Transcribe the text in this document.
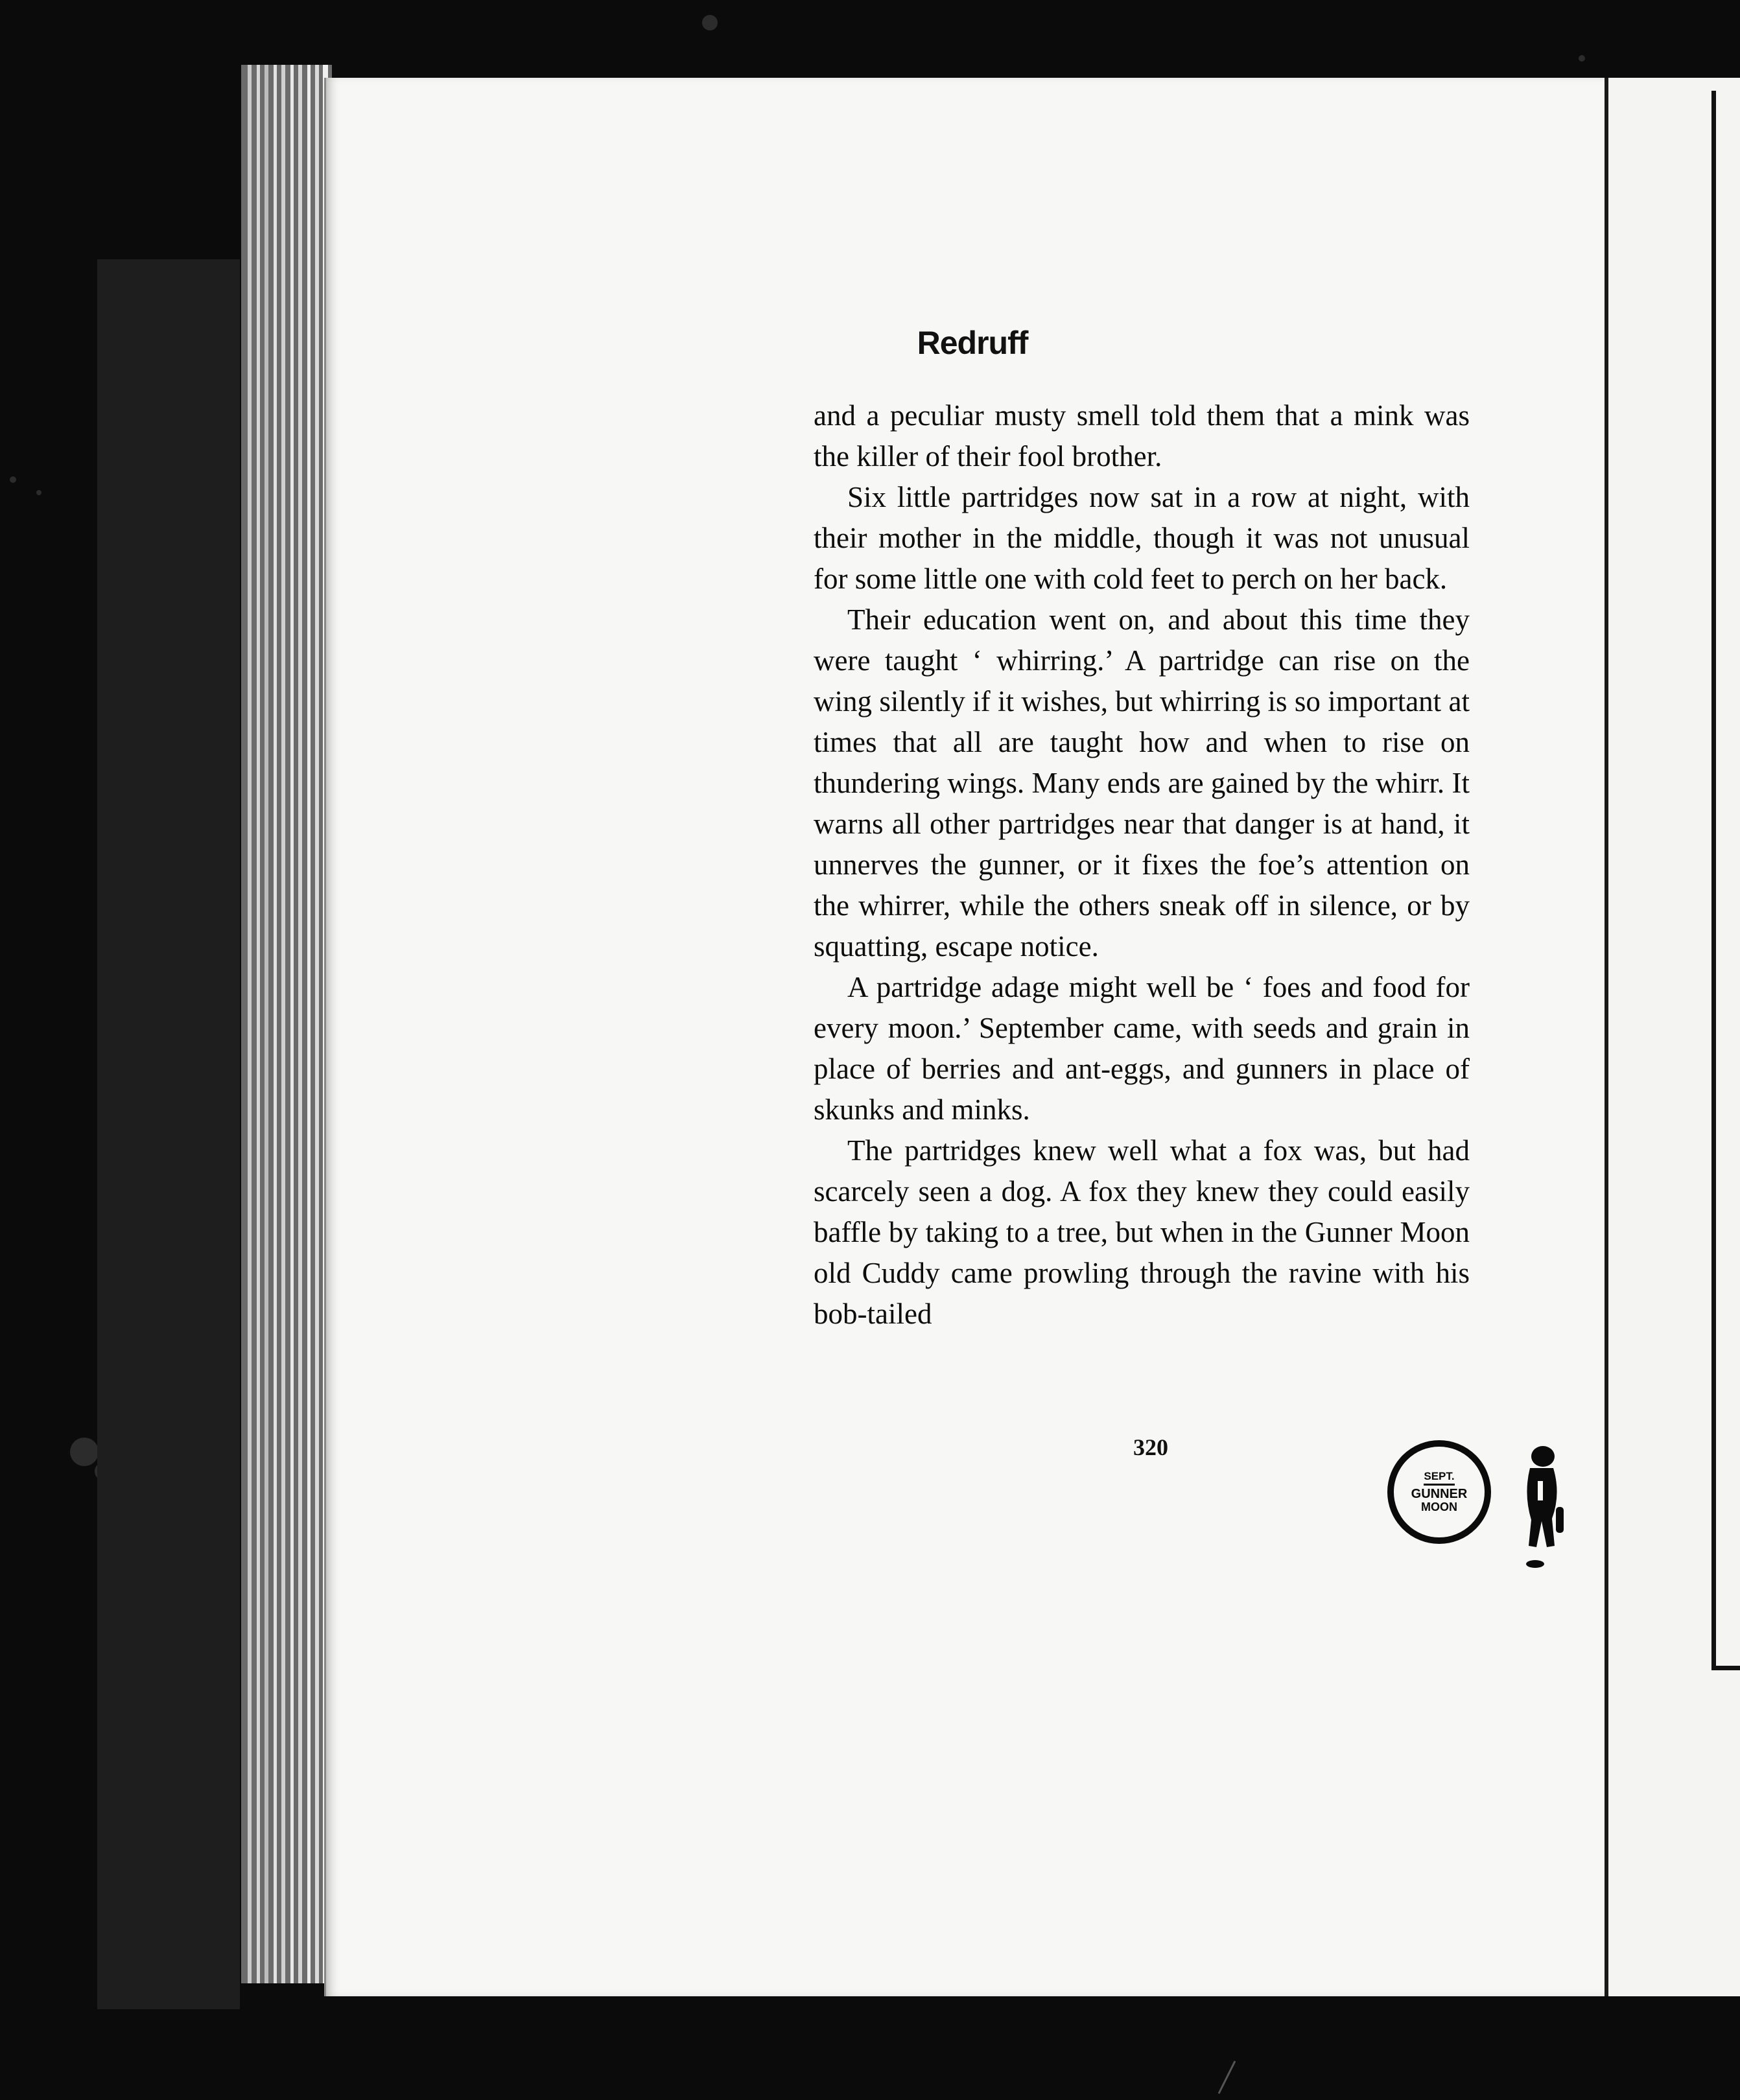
Redruff

and a peculiar musty smell told them that a mink was the killer of their fool brother.

Six little partridges now sat in a row at night, with their mother in the middle, though it was not unusual for some little one with cold feet to perch on her back.

Their education went on, and about this time they were taught ‘ whirring.’ A partridge can rise on the wing silently if it wishes, but whirring is so important at times that all are taught how and when to rise on thundering wings. Many ends are gained by the whirr. It warns all other partridges near that danger is at hand, it unnerves the gunner, or it fixes the foe’s attention on the whirrer, while the others sneak off in silence, or by squatting, escape notice.

A partridge adage might well be ‘ foes and food for every moon.’ September came, with seeds and grain in place of berries and ant-eggs, and gunners in place of skunks and minks.

The partridges knew well what a fox was, but had scarcely seen a dog. A fox they knew they could easily baffle by taking to a tree, but when in the Gunner Moon old Cuddy came prowling through the ravine with his bob-tailed

320
SEPT.
GUNNER
MOON
